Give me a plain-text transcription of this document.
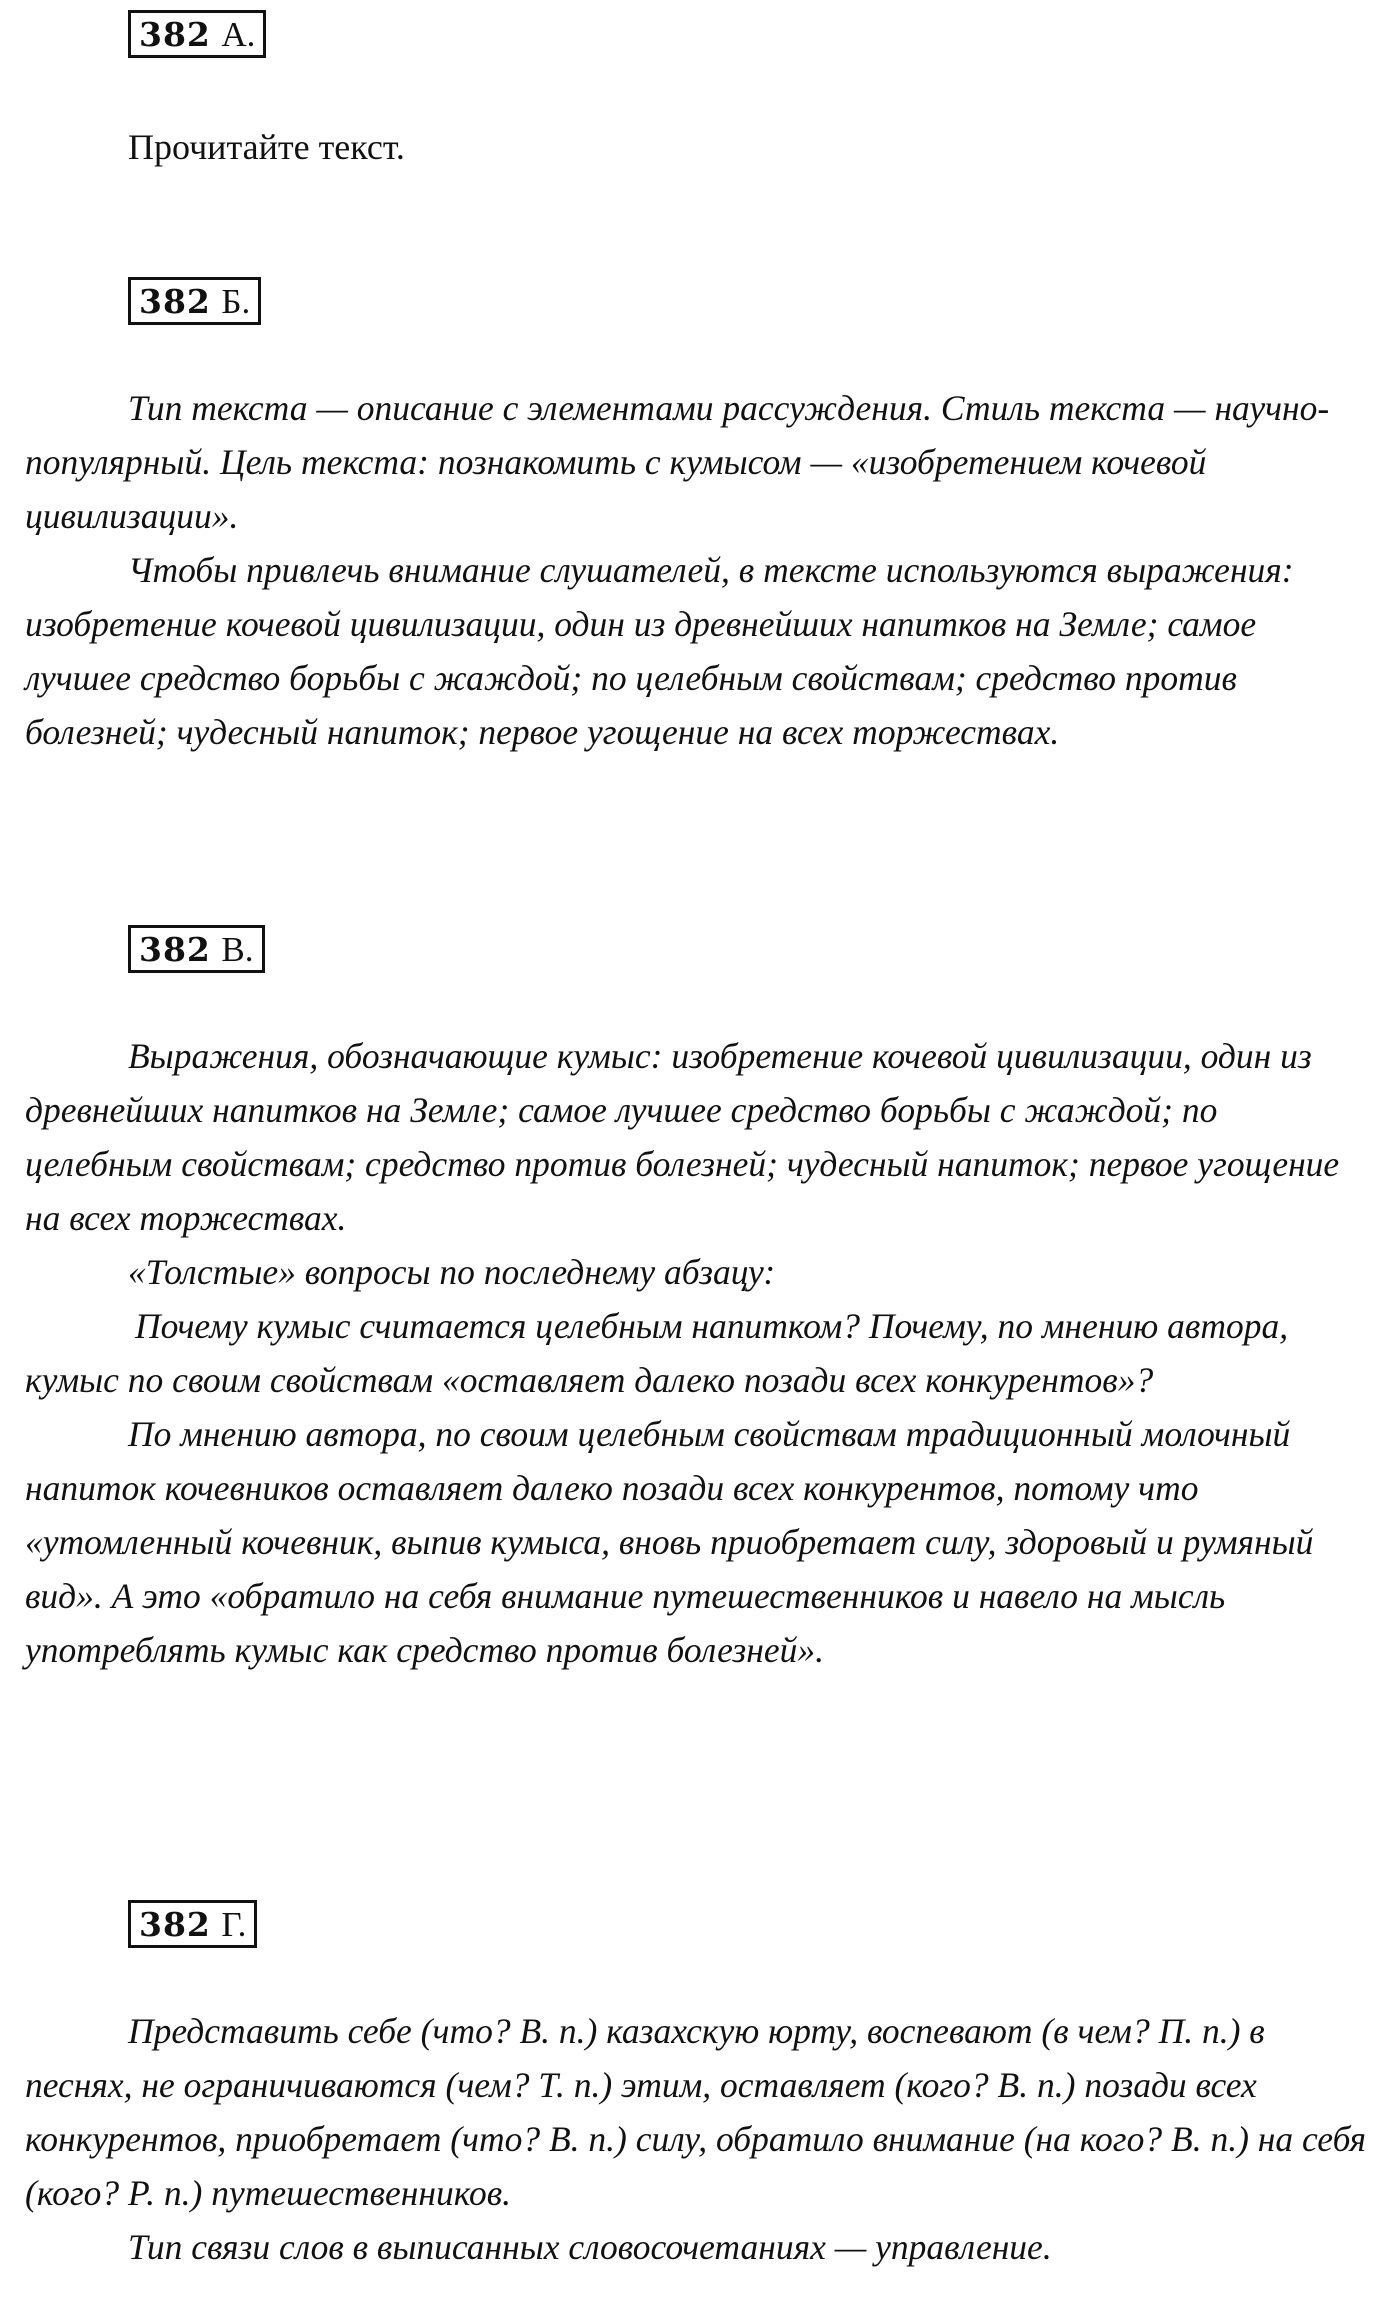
382 А.

Прочитайте текст.

382 Б.

Тип текста — описание с элементами рассуждения. Стиль текста — научно-популярный. Цель текста: познакомить с кумысом — «изобретением кочевой цивилизации».

Чтобы привлечь внимание слушателей, в тексте используются выражения: изобретение кочевой цивилизации, один из древнейших напитков на Земле; самое лучшее средство борьбы с жаждой; по целебным свойствам; средство против болезней; чудесный напиток; первое угощение на всех торжествах.

382 В.

Выражения, обозначающие кумыс: изобретение кочевой цивилизации, один из древнейших напитков на Земле; самое лучшее средство борьбы с жаждой; по целебным свойствам; средство против болезней; чудесный напиток; первое угощение на всех торжествах.

«Толстые» вопросы по последнему абзацу:

Почему кумыс считается целебным напитком? Почему, по мнению автора, кумыс по своим свойствам «оставляет далеко позади всех конкурентов»?

По мнению автора, по своим целебным свойствам традиционный молочный напиток кочевников оставляет далеко позади всех конкурентов, потому что «утомленный кочевник, выпив кумыса, вновь приобретает силу, здоровый и румяный вид». А это «обратило на себя внимание путешественников и навело на мысль употреблять кумыс как средство против болезней».

382 Г.

Представить себе (что? В. п.) казахскую юрту, воспевают (в чем? П. п.) в песнях, не ограничиваются (чем? Т. п.) этим, оставляет (кого? В. п.) позади всех конкурентов, приобретает (что? В. п.) силу, обратило внимание (на кого? В. п.) на себя (кого? Р. п.) путешественников.

Тип связи слов в выписанных словосочетаниях — управление.
